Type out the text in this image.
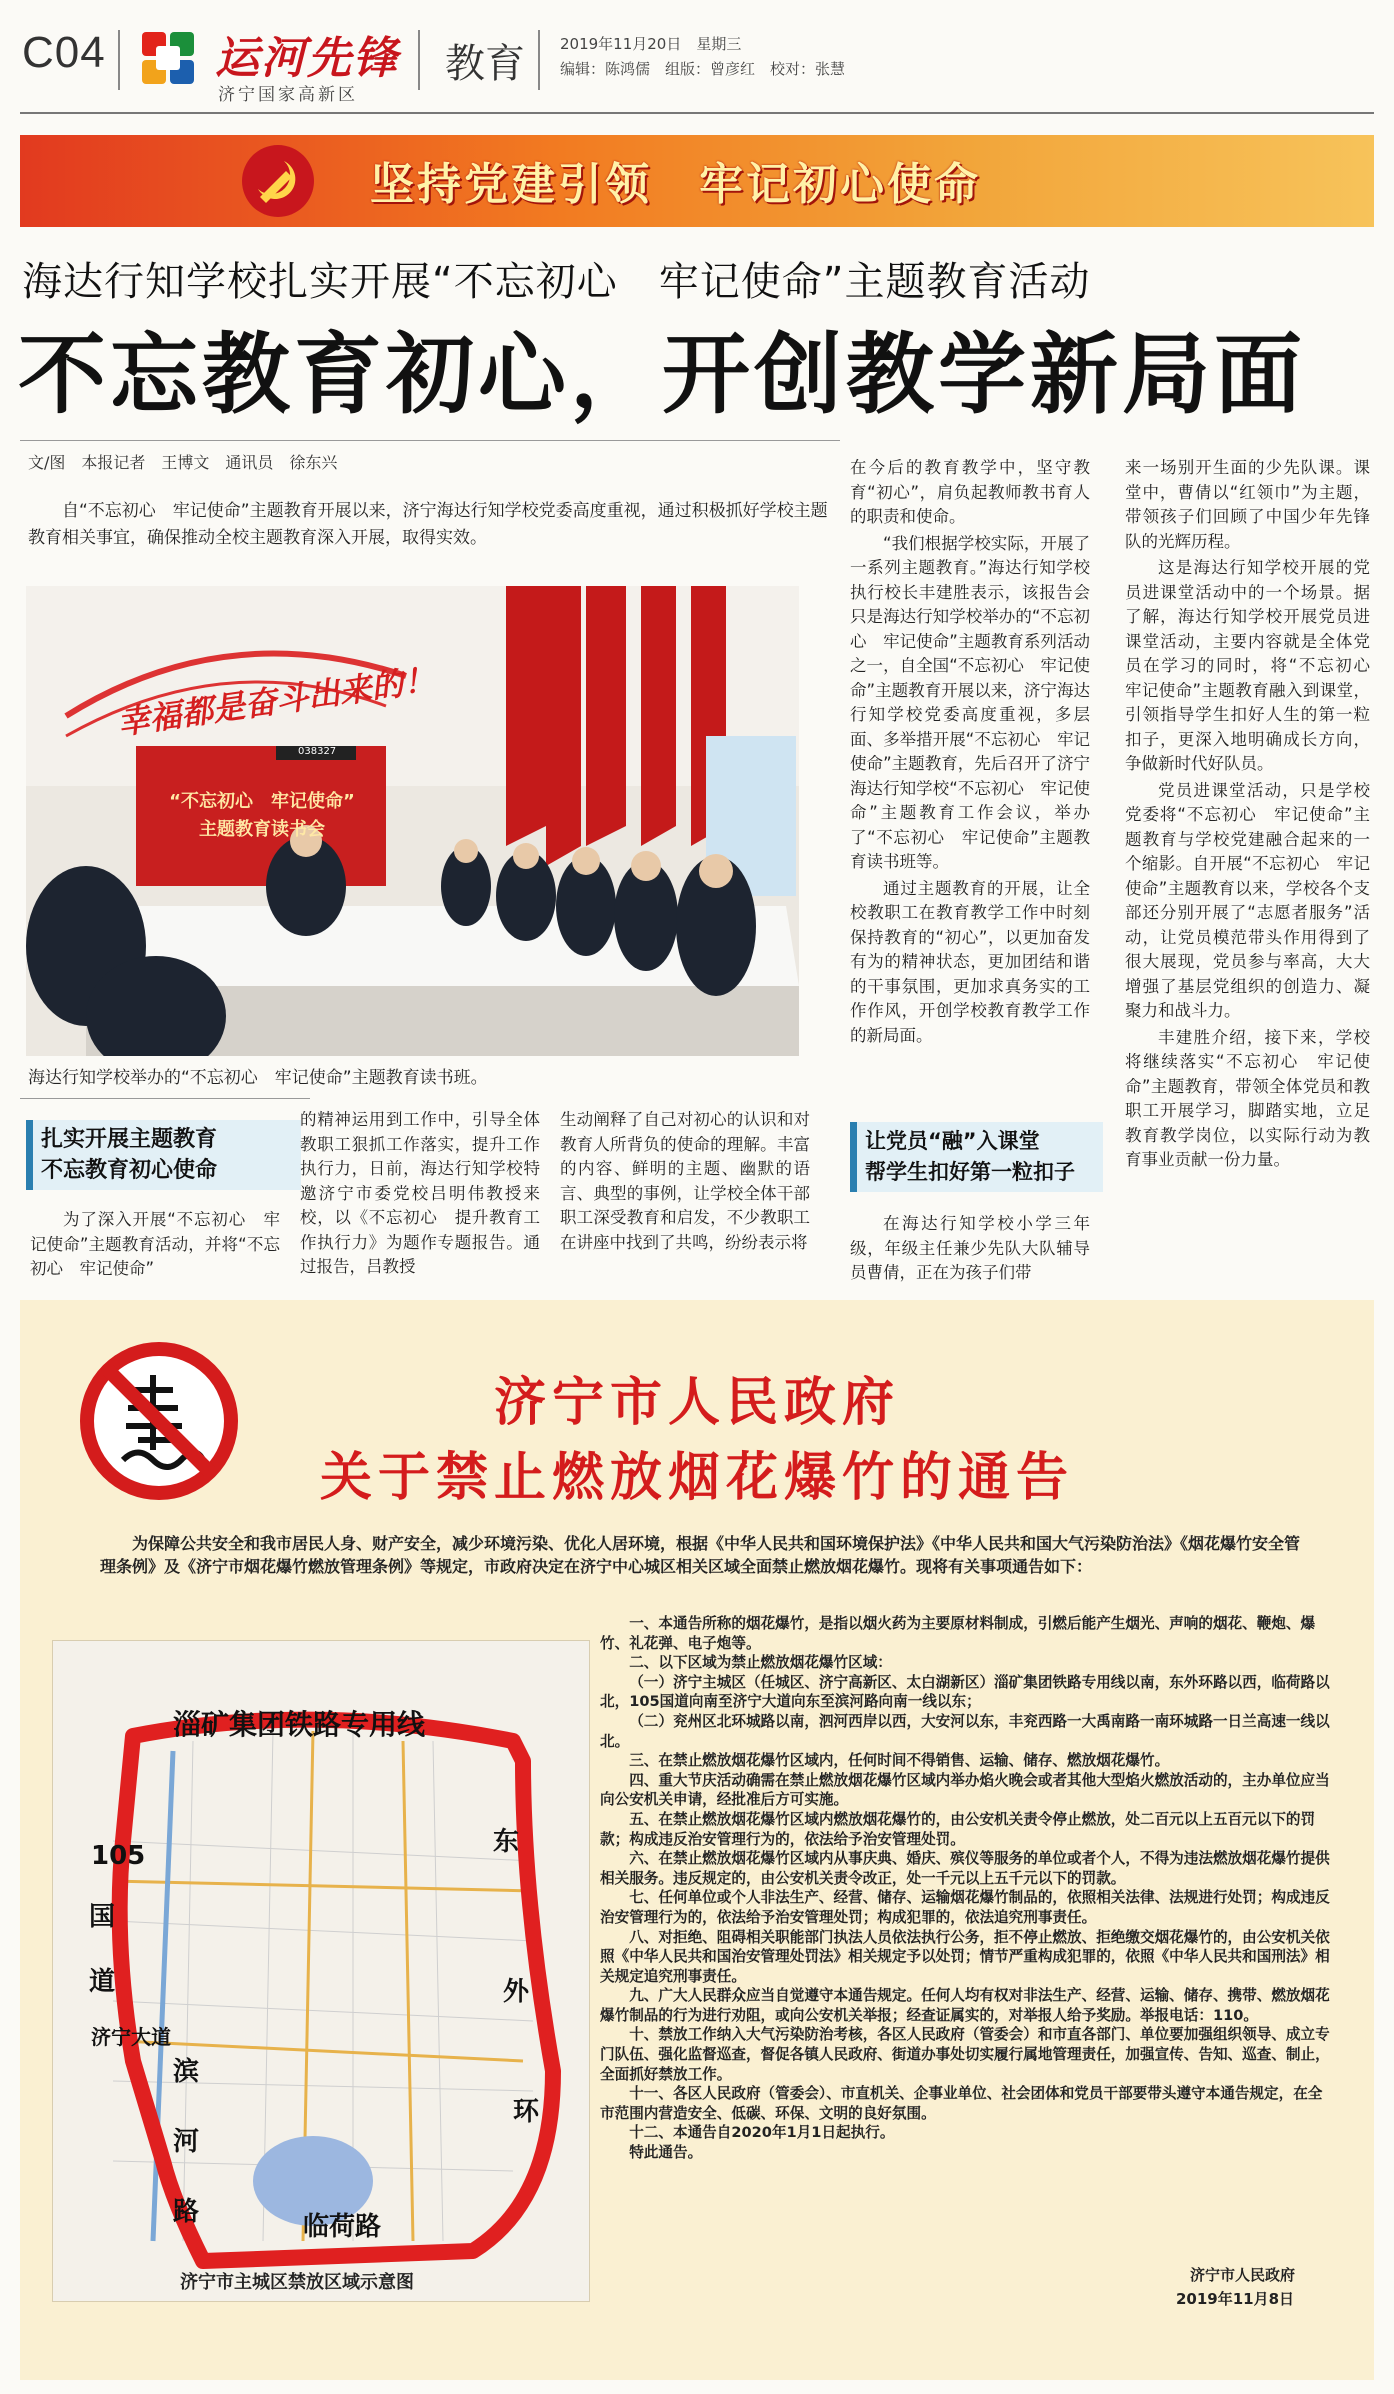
C04 运河先锋
济宁国家高新区
教育 2019年11月20日　星期三
编辑：陈鸿儒　组版：曾彦红　校对：张慧
坚持党建引领　牢记初心使命
海达行知学校扎实开展“不忘初心　牢记使命”主题教育活动
不忘教育初心，开创教学新局面
文/图　本报记者　王博文　通讯员　徐东兴
自“不忘初心　牢记使命”主题教育开展以来，济宁海达行知学校党委高度重视，通过积极抓好学校主题教育相关事宜，确保推动全校主题教育深入开展，取得实效。
幸福都是奋斗出来的！
038327
“不忘初心　牢记使命”
主题教育读书会
海达行知学校举办的“不忘初心　牢记使命”主题教育读书班。
扎实开展主题教育
不忘教育初心使命

为了深入开展“不忘初心　牢记使命”主题教育活动，并将“不忘初心　牢记使命”

的精神运用到工作中，引导全体教职工狠抓工作落实，提升工作执行力，日前，海达行知学校特邀济宁市委党校吕明伟教授来校，以《不忘初心　提升教育工作执行力》为题作专题报告。通过报告，吕教授

生动阐释了自己对初心的认识和对教育人所背负的使命的理解。丰富的内容、鲜明的主题、幽默的语言、典型的事例，让学校全体干部职工深受教育和启发，不少教职工在讲座中找到了共鸣，纷纷表示将

在今后的教育教学中，坚守教育“初心”，肩负起教师教书育人的职责和使命。

“我们根据学校实际，开展了一系列主题教育。”海达行知学校执行校长丰建胜表示，该报告会只是海达行知学校举办的“不忘初心　牢记使命”主题教育系列活动之一，自全国“不忘初心　牢记使命”主题教育开展以来，济宁海达行知学校党委高度重视，多层面、多举措开展“不忘初心　牢记使命”主题教育，先后召开了济宁海达行知学校“不忘初心　牢记使命”主题教育工作会议，举办了“不忘初心　牢记使命”主题教育读书班等。

通过主题教育的开展，让全校教职工在教育教学工作中时刻保持教育的“初心”，以更加奋发有为的精神状态，更加团结和谐的干事氛围，更加求真务实的工作作风，开创学校教育教学工作的新局面。

让党员“融”入课堂
帮学生扣好第一粒扣子

在海达行知学校小学三年级，年级主任兼少先队大队辅导员曹倩，正在为孩子们带

来一场别开生面的少先队课。课堂中，曹倩以“红领巾”为主题，带领孩子们回顾了中国少年先锋队的光辉历程。

这是海达行知学校开展的党员进课堂活动中的一个场景。据了解，海达行知学校开展党员进课堂活动，主要内容就是全体党员在学习的同时，将“不忘初心　牢记使命”主题教育融入到课堂，引领指导学生扣好人生的第一粒扣子，更深入地明确成长方向，争做新时代好队员。

党员进课堂活动，只是学校党委将“不忘初心　牢记使命”主题教育与学校党建融合起来的一个缩影。自开展“不忘初心　牢记使命”主题教育以来，学校各个支部还分别开展了“志愿者服务”活动，让党员模范带头作用得到了很大展现，党员参与率高，大大增强了基层党组织的创造力、凝聚力和战斗力。

丰建胜介绍，接下来，学校将继续落实“不忘初心　牢记使命”主题教育，带领全体党员和教职工开展学习，脚踏实地，立足教育教学岗位，以实际行动为教育事业贡献一份力量。

济宁市人民政府
关于禁止燃放烟花爆竹的通告
为保障公共安全和我市居民人身、财产安全，减少环境污染、优化人居环境，根据《中华人民共和国环境保护法》《中华人民共和国大气污染防治法》《烟花爆竹安全管理条例》及《济宁市烟花爆竹燃放管理条例》等规定，市政府决定在济宁中心城区相关区域全面禁止燃放烟花爆竹。现将有关事项通告如下：
淄矿集团铁路专用线
105
国
道
济宁大道
滨
河
路	临荷路
东
外
环
济宁市主城区禁放区域示意图

一、本通告所称的烟花爆竹，是指以烟火药为主要原材料制成，引燃后能产生烟光、声响的烟花、鞭炮、爆竹、礼花弹、电子炮等。

二、以下区域为禁止燃放烟花爆竹区域：

（一）济宁主城区（任城区、济宁高新区、太白湖新区）淄矿集团铁路专用线以南，东外环路以西，临荷路以北，105国道向南至济宁大道向东至滨河路向南一线以东；

（二）兖州区北环城路以南，泗河西岸以西，大安河以东，丰兖西路一大禹南路一南环城路一日兰高速一线以北。

三、在禁止燃放烟花爆竹区域内，任何时间不得销售、运输、储存、燃放烟花爆竹。

四、重大节庆活动确需在禁止燃放烟花爆竹区域内举办焰火晚会或者其他大型焰火燃放活动的，主办单位应当向公安机关申请，经批准后方可实施。

五、在禁止燃放烟花爆竹区域内燃放烟花爆竹的，由公安机关责令停止燃放，处二百元以上五百元以下的罚款；构成违反治安管理行为的，依法给予治安管理处罚。

六、在禁止燃放烟花爆竹区域内从事庆典、婚庆、殡仪等服务的单位或者个人，不得为违法燃放烟花爆竹提供相关服务。违反规定的，由公安机关责令改正，处一千元以上五千元以下的罚款。

七、任何单位或个人非法生产、经营、储存、运输烟花爆竹制品的，依照相关法律、法规进行处罚；构成违反治安管理行为的，依法给予治安管理处罚；构成犯罪的，依法追究刑事责任。

八、对拒绝、阻碍相关职能部门执法人员依法执行公务，拒不停止燃放、拒绝缴交烟花爆竹的，由公安机关依照《中华人民共和国治安管理处罚法》相关规定予以处罚；情节严重构成犯罪的，依照《中华人民共和国刑法》相关规定追究刑事责任。

九、广大人民群众应当自觉遵守本通告规定。任何人均有权对非法生产、经营、运输、储存、携带、燃放烟花爆竹制品的行为进行劝阻，或向公安机关举报；经查证属实的，对举报人给予奖励。举报电话：110。

十、禁放工作纳入大气污染防治考核，各区人民政府（管委会）和市直各部门、单位要加强组织领导、成立专门队伍、强化监督巡查，督促各镇人民政府、街道办事处切实履行属地管理责任，加强宣传、告知、巡查、制止，全面抓好禁放工作。

十一、各区人民政府（管委会）、市直机关、企事业单位、社会团体和党员干部要带头遵守本通告规定，在全市范围内营造安全、低碳、环保、文明的良好氛围。

十二、本通告自2020年1月1日起执行。

特此通告。

济宁市人民政府
2019年11月8日
